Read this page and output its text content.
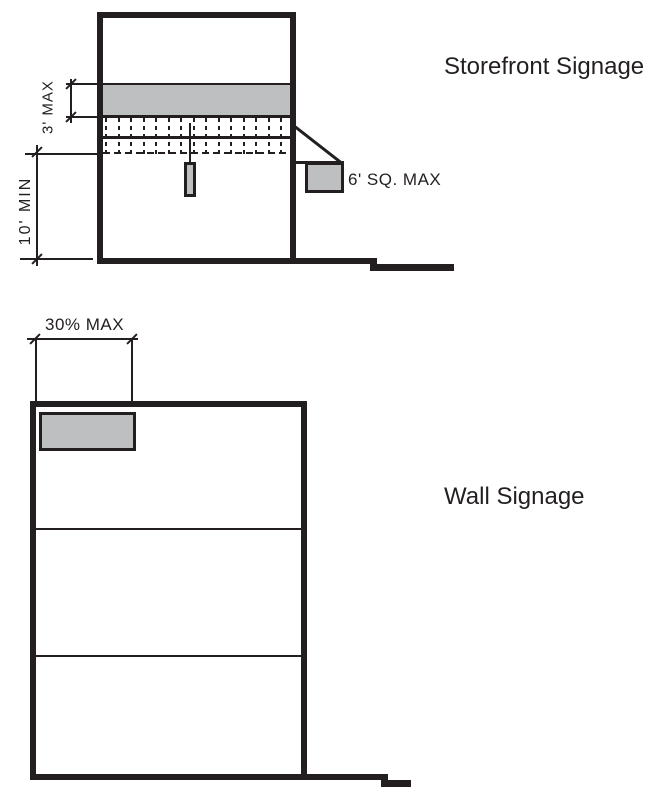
6' SQ. MAX
3' MAX
10' MIN
Storefront Signage
30% MAX
Wall Signage
